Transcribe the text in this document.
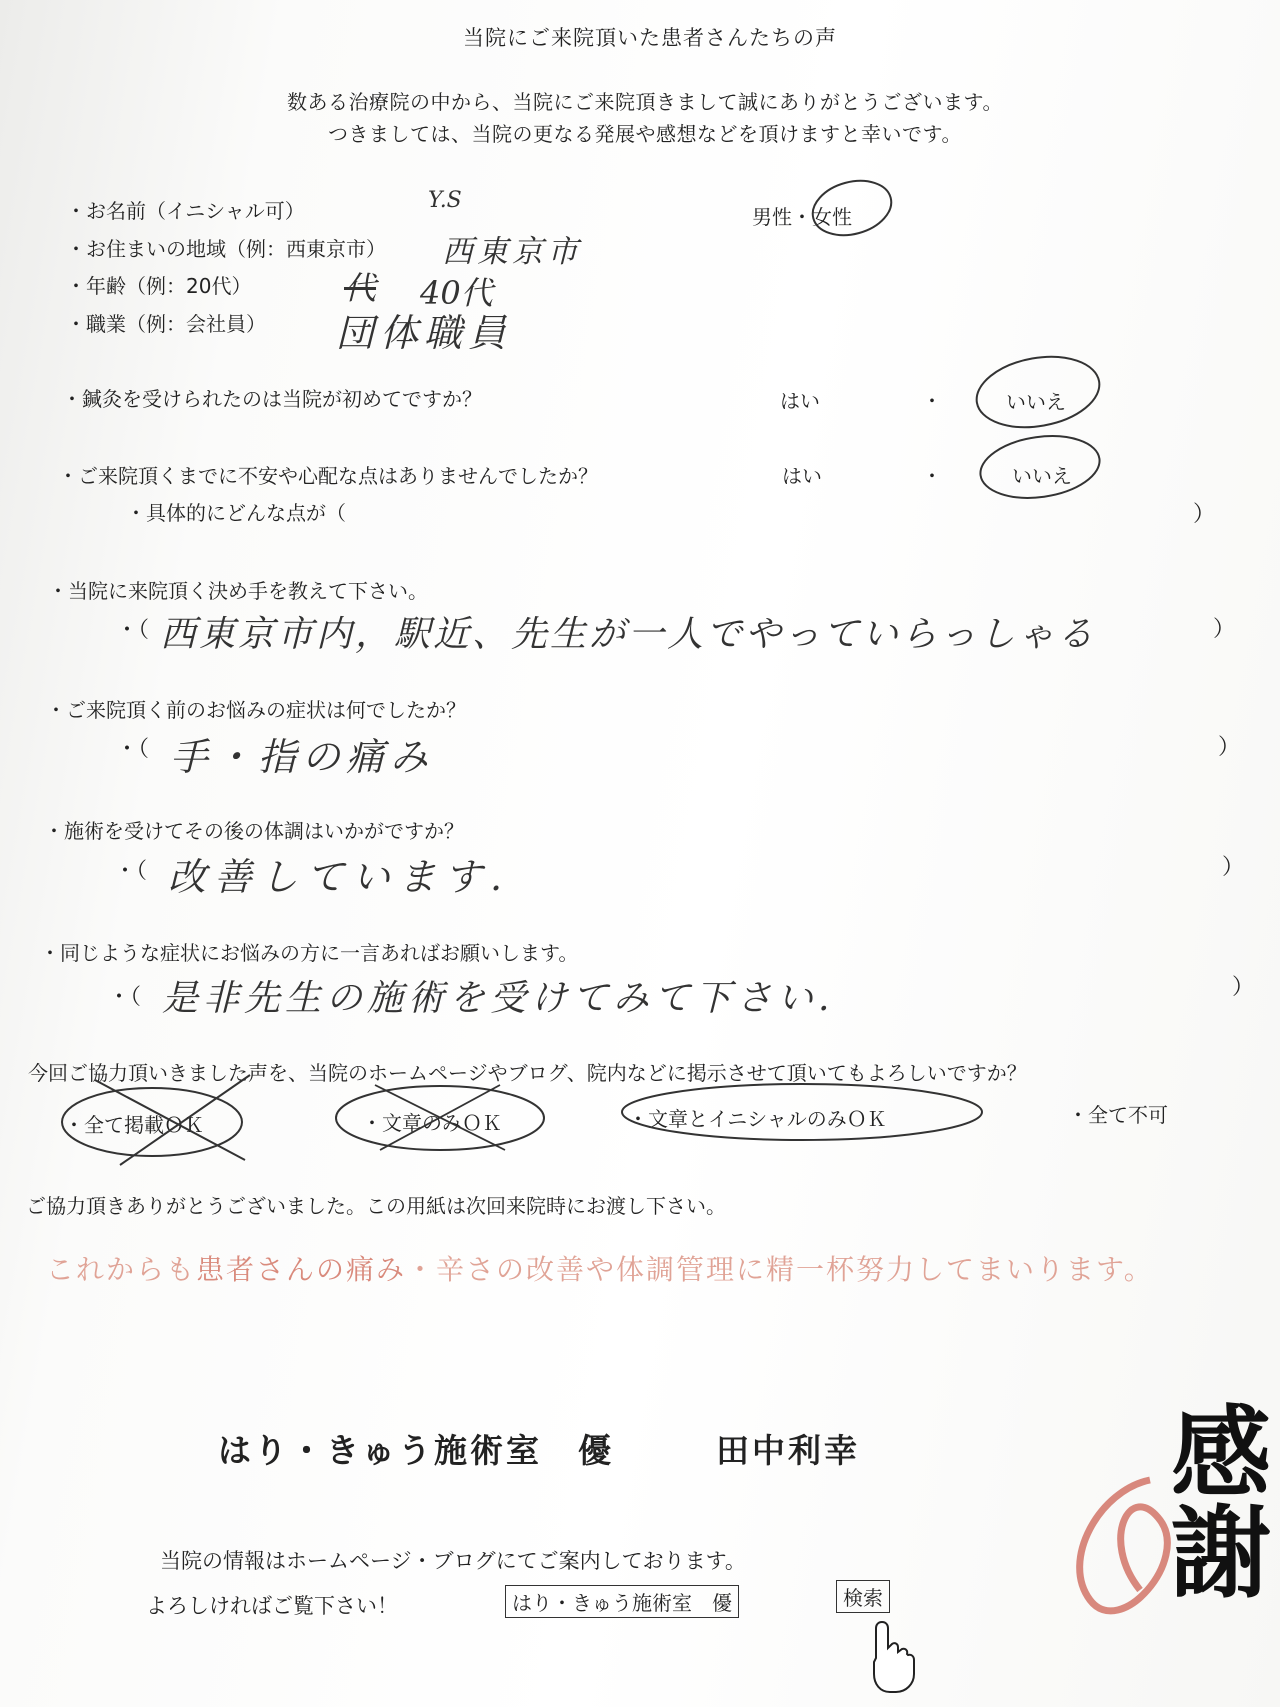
当院にご来院頂いた患者さんたちの声
数ある治療院の中から、当院にご来院頂きまして誠にありがとうございます。
つきましては、当院の更なる発展や感想などを頂けますと幸いです。
・お名前（イニシャル可）	Y.S
男性・女性
・お住まいの地域（例：西東京市） 西東京市
・年齢（例：20代）	代 40代
・職業（例：会社員） 団体職員
・鍼灸を受けられたのは当院が初めてですか？	はい	・	いいえ
・ご来院頂くまでに不安や心配な点はありませんでしたか？	はい	・	いいえ
・具体的にどんな点が（	）
・当院に来院頂く決め手を教えて下さい。
・（ 西東京市内，駅近、先生が一人でやっていらっしゃる	）
・ご来院頂く前のお悩みの症状は何でしたか？
・（ 手・指の痛み	）
・施術を受けてその後の体調はいかがですか？
・（ 改善しています.	）
・同じような症状にお悩みの方に一言あればお願いします。
・（ 是非先生の施術を受けてみて下さい.	）
今回ご協力頂いきました声を、当院のホームページやブログ、院内などに掲示させて頂いてもよろしいですか？
・全て掲載ＯＫ	・文章のみＯＫ	・文章とイニシャルのみＯＫ	・全て不可
ご協力頂きありがとうございました。この用紙は次回来院時にお渡し下さい。
これからも患者さんの痛み・辛さの改善や体調管理に精一杯努力してまいります。
はり・きゅう施術室　優	田中利幸
当院の情報はホームページ・ブログにてご案内しております。
よろしければご覧下さい！	はり・きゅう施術室　優	検索	感謝
